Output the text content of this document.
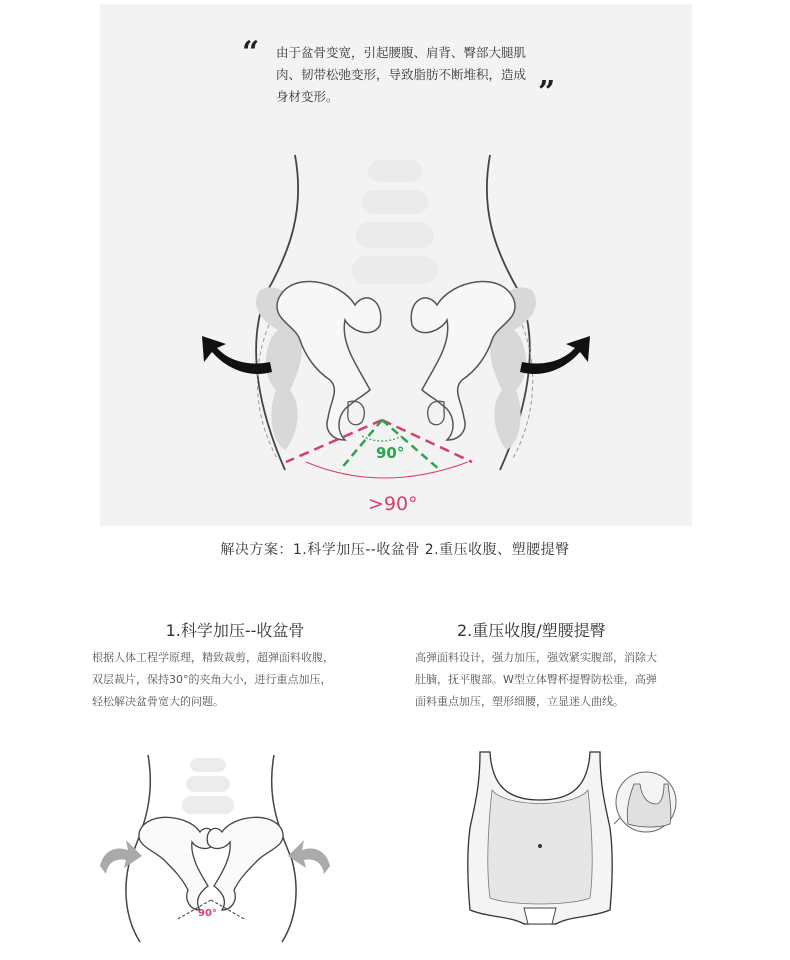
“ 由于盆骨变宽，引起腰腹、肩背、臀部大腿肌肉、韧带松弛变形，导致脂肪不断堆积，造成身材变形。	”
90°
>90°
解决方案：1.科学加压--收盆骨 2.重压收腹、塑腰提臀
1.科学加压--收盆骨
根据人体工程学原理，精致裁剪，超弹面料收腹，双层裁片，保持30°的夹角大小，进行重点加压，轻松解决盆骨宽大的问题。
2.重压收腹/塑腰提臀
高弹面料设计，强力加压，强效紧实腹部，消除大肚腩，抚平腹部。W型立体臀杯提臀防松垂，高弹面料重点加压，塑形细腰，立显迷人曲线。
90°
